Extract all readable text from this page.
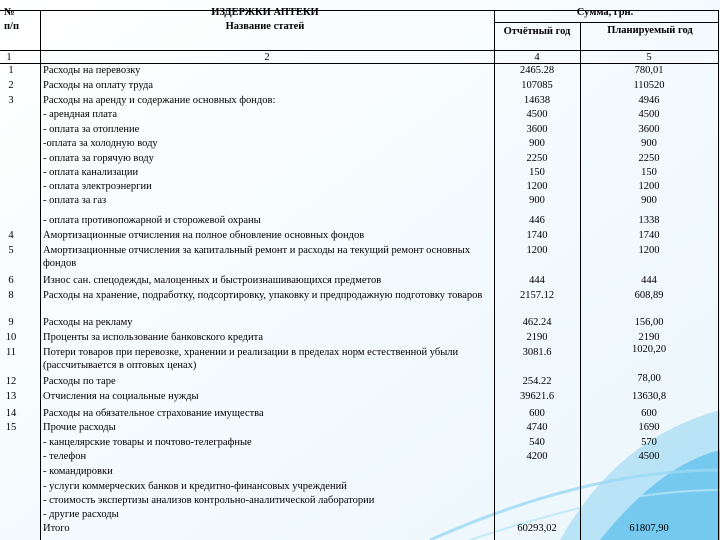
№
п/п
ИЗДЕРЖКИ АПТЕКИ
Название статей
Сумма, грн.
Отчётный год	Планируемый год
1	2	4	5
1	Расходы на перевозку	2465.28	780,01
2	Расходы на оплату труда	107085	110520
3	Расходы на аренду и содержание основных фондов:	14638	4946
- арендная плата	4500	4500
- оплата за отопление	3600	3600
-оплата за холодную воду	900	900
- оплата за горячую воду	2250	2250
- оплата канализации	150	150
- оплата электроэнергии	1200	1200
- оплата за газ	900	900
- оплата противопожарной и сторожевой охраны	446	1338
4	Амортизационные отчисления на полное обновление основных фондов	1740	1740
5	Амортизационные отчисления за капитальный ремонт и расходы на текущий ремонт основных фондов
1200	1200
6	Износ сан. спецодежды, малоценных и быстроизнашивающихся предметов	444	444
8	Расходы на хранение, подработку, подсортировку, упаковку и предпродажную подготовку товаров	2157.12	608,89
9	Расходы на рекламу	462.24	156,00
10	Проценты за использование банковского кредита	2190	2190
11	Потери товаров при перевозке, хранении и реализации в пределах норм естественной убыли (рассчитывается в оптовых ценах)
3081.6	1020,20
12	Расходы по таре	254.22	78,00
13	Отчисления на социальные нужды	39621.6	13630,8
14	Расходы на обязательное страхование имущества	600	600
15	Прочие расходы	4740	1690
- канцелярские товары и почтово-телеграфные	540	570
- телефон	4200	4500
- командировки
- услуги коммерческих банков и кредитно-финансовых учреждений
- стоимость экспертизы анализов контрольно-аналитической лаборатории
- другие расходы
Итого	60293,02	61807,90
